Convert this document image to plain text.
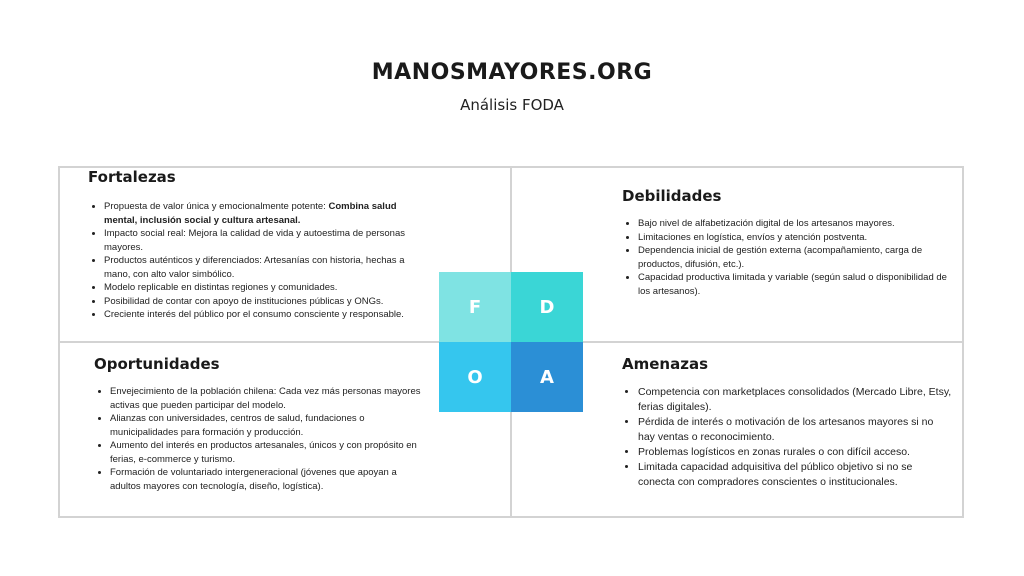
MANOSMAYORES.ORG
Análisis FODA
Fortalezas
• Propuesta de valor única y emocionalmente potente: Combina salud mental, inclusión social y cultura artesanal.
• Impacto social real: Mejora la calidad de vida y autoestima de personas mayores.
• Productos auténticos y diferenciados: Artesanías con historia, hechas a mano, con alto valor simbólico.
• Modelo replicable en distintas regiones y comunidades.
• Posibilidad de contar con apoyo de instituciones públicas y ONGs.
• Creciente interés del público por el consumo consciente y responsable.
Debilidades
• Bajo nivel de alfabetización digital de los artesanos mayores.
• Limitaciones en logística, envíos y atención postventa.
• Dependencia inicial de gestión externa (acompañamiento, carga de productos, difusión, etc.).
• Capacidad productiva limitada y variable (según salud o disponibilidad de los artesanos).
Oportunidades
• Envejecimiento de la población chilena: Cada vez más personas mayores activas que pueden participar del modelo.
• Alianzas con universidades, centros de salud, fundaciones o municipalidades para formación y producción.
• Aumento del interés en productos artesanales, únicos y con propósito en ferias, e-commerce y turismo.
• Formación de voluntariado intergeneracional (jóvenes que apoyan a adultos mayores con tecnología, diseño, logística).
Amenazas
• Competencia con marketplaces consolidados (Mercado Libre, Etsy, ferias digitales).
• Pérdida de interés o motivación de los artesanos mayores si no hay ventas o reconocimiento.
• Problemas logísticos en zonas rurales o con difícil acceso.
• Limitada capacidad adquisitiva del público objetivo si no se conecta con compradores conscientes o institucionales.
F	D
O	A
